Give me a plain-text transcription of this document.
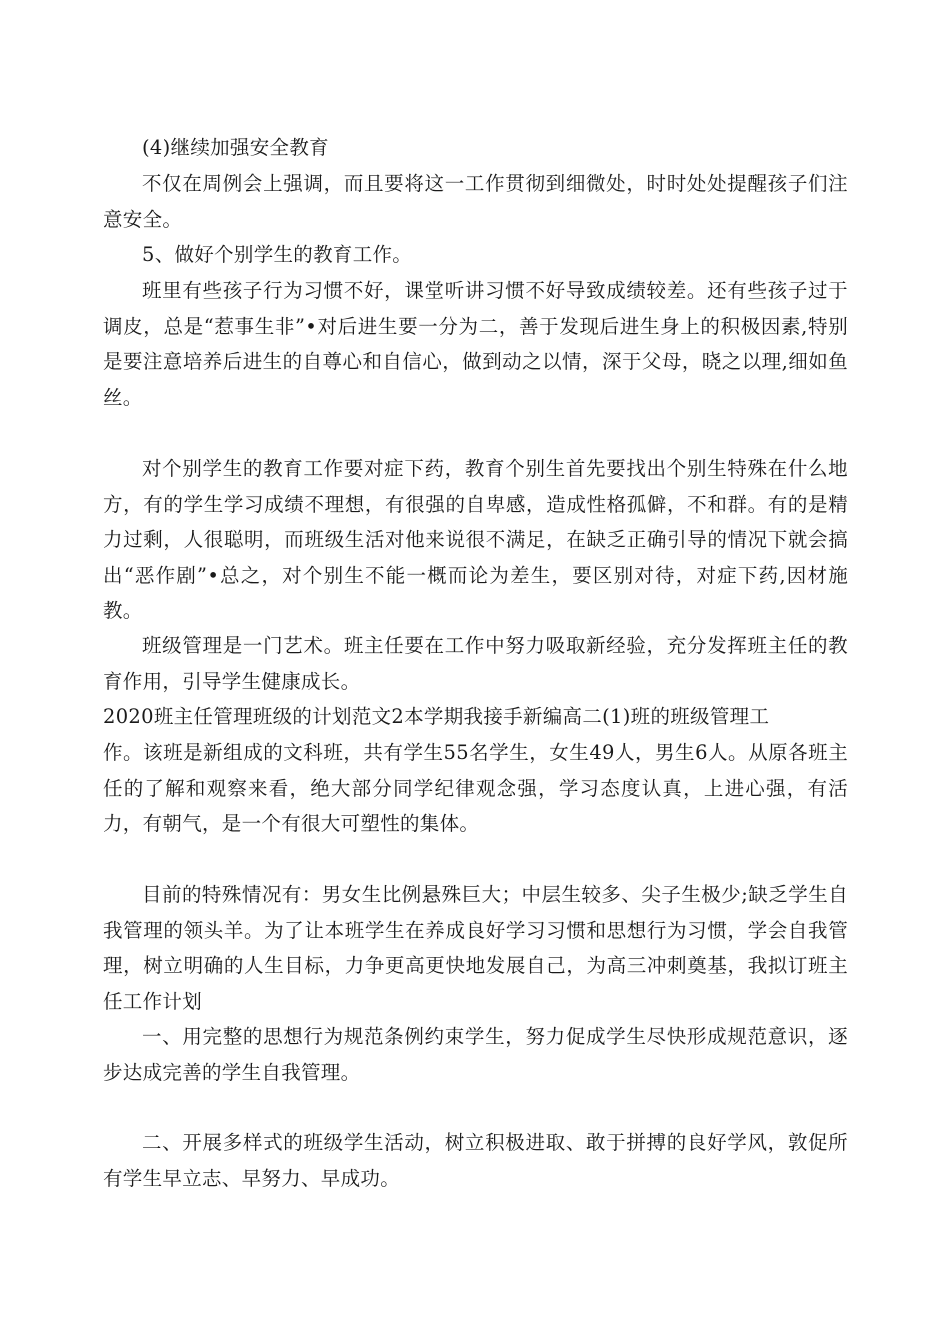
(4)继续加强安全教育

不仅在周例会上强调，而且要将这一工作贯彻到细微处，时时处处提醒孩子们注意安全。

5、做好个别学生的教育工作。

班里有些孩子行为习惯不好，课堂听讲习惯不好导致成绩较差。还有些孩子过于调皮，总是“惹事生非”•对后进生要一分为二，善于发现后进生身上的积极因素,特别是要注意培养后进生的自尊心和自信心，做到动之以情，深于父母，晓之以理,细如鱼丝。

对个别学生的教育工作要对症下药，教育个别生首先要找出个别生特殊在什么地方，有的学生学习成绩不理想，有很强的自卑感，造成性格孤僻，不和群。有的是精力过剩，人很聪明，而班级生活对他来说很不满足，在缺乏正确引导的情况下就会搞出“恶作剧”•总之，对个别生不能一概而论为差生，要区别对待，对症下药,因材施教。

班级管理是一门艺术。班主任要在工作中努力吸取新经验，充分发挥班主任的教育作用，引导学生健康成长。

2020班主任管理班级的计划范文2本学期我接手新编高二(1)班的班级管理工

作。该班是新组成的文科班，共有学生55名学生，女生49人，男生6人。从原各班主任的了解和观察来看，绝大部分同学纪律观念强，学习态度认真，上进心强，有活力，有朝气，是一个有很大可塑性的集体。

目前的特殊情况有：男女生比例悬殊巨大；中层生较多、尖子生极少;缺乏学生自我管理的领头羊。为了让本班学生在养成良好学习习惯和思想行为习惯，学会自我管理，树立明确的人生目标，力争更高更快地发展自己，为高三冲刺奠基，我拟订班主任工作计划

一、用完整的思想行为规范条例约束学生，努力促成学生尽快形成规范意识，逐步达成完善的学生自我管理。

二、开展多样式的班级学生活动，树立积极进取、敢于拼搏的良好学风，敦促所有学生早立志、早努力、早成功。
